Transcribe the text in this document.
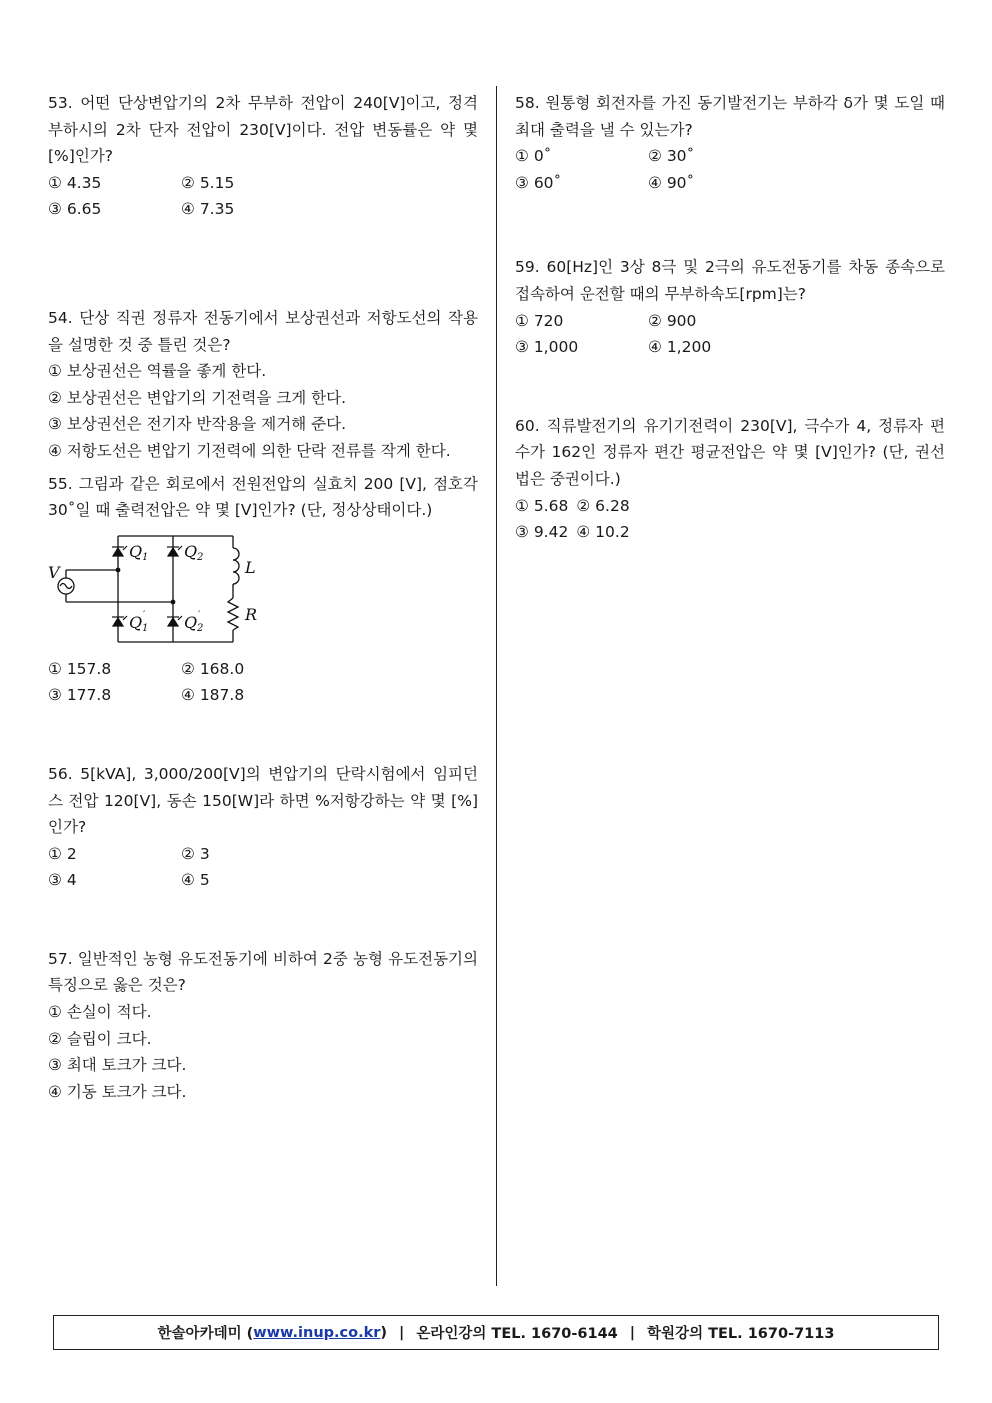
53. 어떤 단상변압기의 2차 무부하 전압이 240[V]이고, 정격 부하시의 2차 단자 전압이 230[V]이다. 전압 변동률은 약 몇 [%]인가?

① 4.35	② 5.15
③ 6.65	④ 7.35

54. 단상 직권 정류자 전동기에서 보상권선과 저항도선의 작용을 설명한 것 중 틀린 것은?

① 보상권선은 역률을 좋게 한다.
② 보상권선은 변압기의 기전력을 크게 한다.
③ 보상권선은 전기자 반작용을 제거해 준다.
④ 저항도선은 변압기 기전력에 의한 단락 전류를 작게 한다.

55. 그림과 같은 회로에서 전원전압의 실효치 200 [V], 점호각 30˚일 때 출력전압은 약 몇 [V]인가? (단, 정상상태이다.)

V
Q 1 Q 2
Q 1
′ Q 2
′
L
R
① 157.8	② 168.0
③ 177.8	④ 187.8

56. 5[kVA], 3,000/200[V]의 변압기의 단락시험에서 임피던스 전압 120[V], 동손 150[W]라 하면 %저항강하는 약 몇 [%]인가?

① 2	② 3
③ 4	④ 5

57. 일반적인 농형 유도전동기에 비하여 2중 농형 유도전동기의 특징으로 옳은 것은?

① 손실이 적다.
② 슬립이 크다.
③ 최대 토크가 크다.
④ 기동 토크가 크다.

58. 원통형 회전자를 가진 동기발전기는 부하각 δ가 몇 도일 때 최대 출력을 낼 수 있는가?

① 0˚	② 30˚
③ 60˚	④ 90˚

59. 60[Hz]인 3상 8극 및 2극의 유도전동기를 차동 종속으로 접속하여 운전할 때의 무부하속도[rpm]는?

① 720	② 900
③ 1,000	④ 1,200

60. 직류발전기의 유기기전력이 230[V], 극수가 4, 정류자 편수가 162인 정류자 편간 평균전압은 약 몇 [V]인가? (단, 권선법은 중권이다.)

① 5.68 ② 6.28
③ 9.42 ④ 10.2
한솔아카데미 ( www.inup.co.kr ) | 온라인강의 TEL. 1670-6144 | 학원강의 TEL. 1670-7113
